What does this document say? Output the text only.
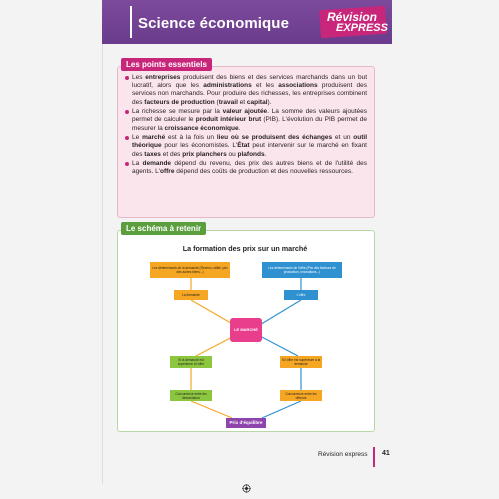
Science économique	Révision
EXPRESS
Les points essentiels
Les entreprises produisent des biens et des services marchands dans un but lucratif, alors que les administrations et les associations produisent des services non marchands. Pour produire des richesses, les entreprises combinent des facteurs de production (travail et capital).
La richesse se mesure par la valeur ajoutée. La somme des valeurs ajoutées permet de calculer le produit intérieur brut (PIB). L'évolution du PIB permet de mesurer la croissance économique.
Le marché est à la fois un lieu où se produisent des échanges et un outil théorique pour les économistes. L'État peut intervenir sur le marché en fixant des taxes et des prix planchers ou plafonds.
La demande dépend du revenu, des prix des autres biens et de l'utilité des agents. L'offre dépend des coûts de production et des nouvelles ressources.
Le schéma à retenir
La formation des prix sur un marché
Les déterminants de la demande (Revenu, utilité, prix des autres biens...)
Les déterminants de l'offre (Prix des facteurs de production, innovations...)
La demande	L'offre
LE MARCHÉ
Si la demande est supérieure à l'offre
Si l'offre est supérieure à la demande
Concurrence entre les demandeurs
Concurrence entre les offreurs
Prix d'équilibre
Révision express 41
